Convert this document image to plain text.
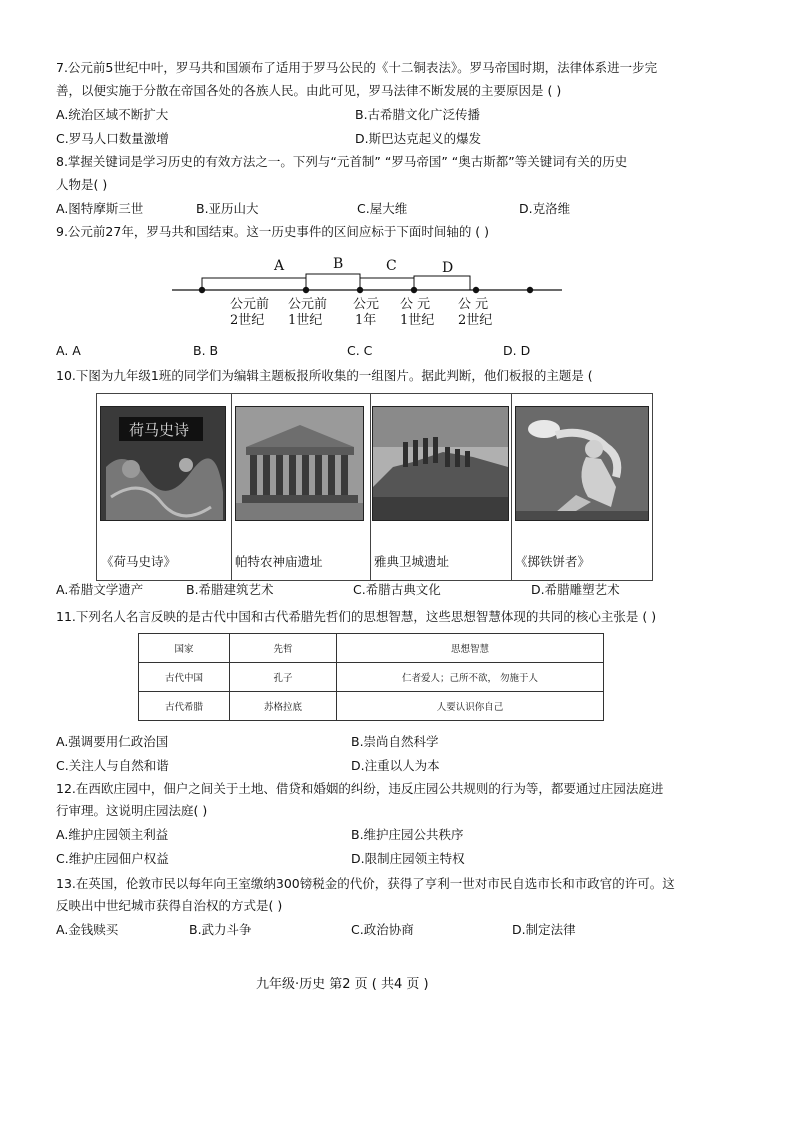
7.公元前5世纪中叶，罗马共和国颁布了适用于罗马公民的《十二铜表法》。罗马帝国时期，法律体系进一步完
善，以便实施于分散在帝国各处的各族人民。由此可见，罗马法律不断发展的主要原因是 ( )
A.统治区域不断扩大	B.古希腊文化广泛传播
C.罗马人口数量激增	D.斯巴达克起义的爆发
8.掌握关键词是学习历史的有效方法之一。下列与“元首制” “罗马帝国” “奥古斯都”等关键词有关的历史
人物是( )
A.图特摩斯三世	B.亚历山大	C.屋大维	D.克洛维
9.公元前27年，罗马共和国结束。这一历史事件的区间应标于下面时间轴的 ( )
A	B	C	D
公元前
2世纪
公元前
1世纪
公元
1年
公 元
1世纪
公 元
2世纪
A. A	B. B	C. C	D. D
10.下图为九年级1班的同学们为编辑主题板报所收集的一组图片。据此判断，他们板报的主题是 (
荷马史诗
《荷马史诗》	帕特农神庙遗址	雅典卫城遗址	《掷铁饼者》
A.希腊文学遗产	B.希腊建筑艺术	C.希腊古典文化	D.希腊雕塑艺术
11.下列名人名言反映的是古代中国和古代希腊先哲们的思想智慧，这些思想智慧体现的共同的核心主张是 ( )
国家	先哲	思想智慧
古代中国	孔子	仁者爱人；己所不欲， 勿施于人
古代希腊	苏格拉底	人要认识你自己
A.强调要用仁政治国	B.崇尚自然科学
C.关注人与自然和谐	D.注重以人为本
12.在西欧庄园中，佃户之间关于土地、借贷和婚姻的纠纷，违反庄园公共规则的行为等，都要通过庄园法庭进
行审理。这说明庄园法庭( )
A.维护庄园领主利益	B.维护庄园公共秩序
C.维护庄园佃户权益	D.限制庄园领主特权
13.在英国，伦敦市民以每年向王室缴纳300镑税金的代价，获得了亨利一世对市民自选市长和市政官的许可。这
反映出中世纪城市获得自治权的方式是( )
A.金钱赎买	B.武力斗争	C.政治协商	D.制定法律
九年级·历史 第2 页 ( 共4 页 )
